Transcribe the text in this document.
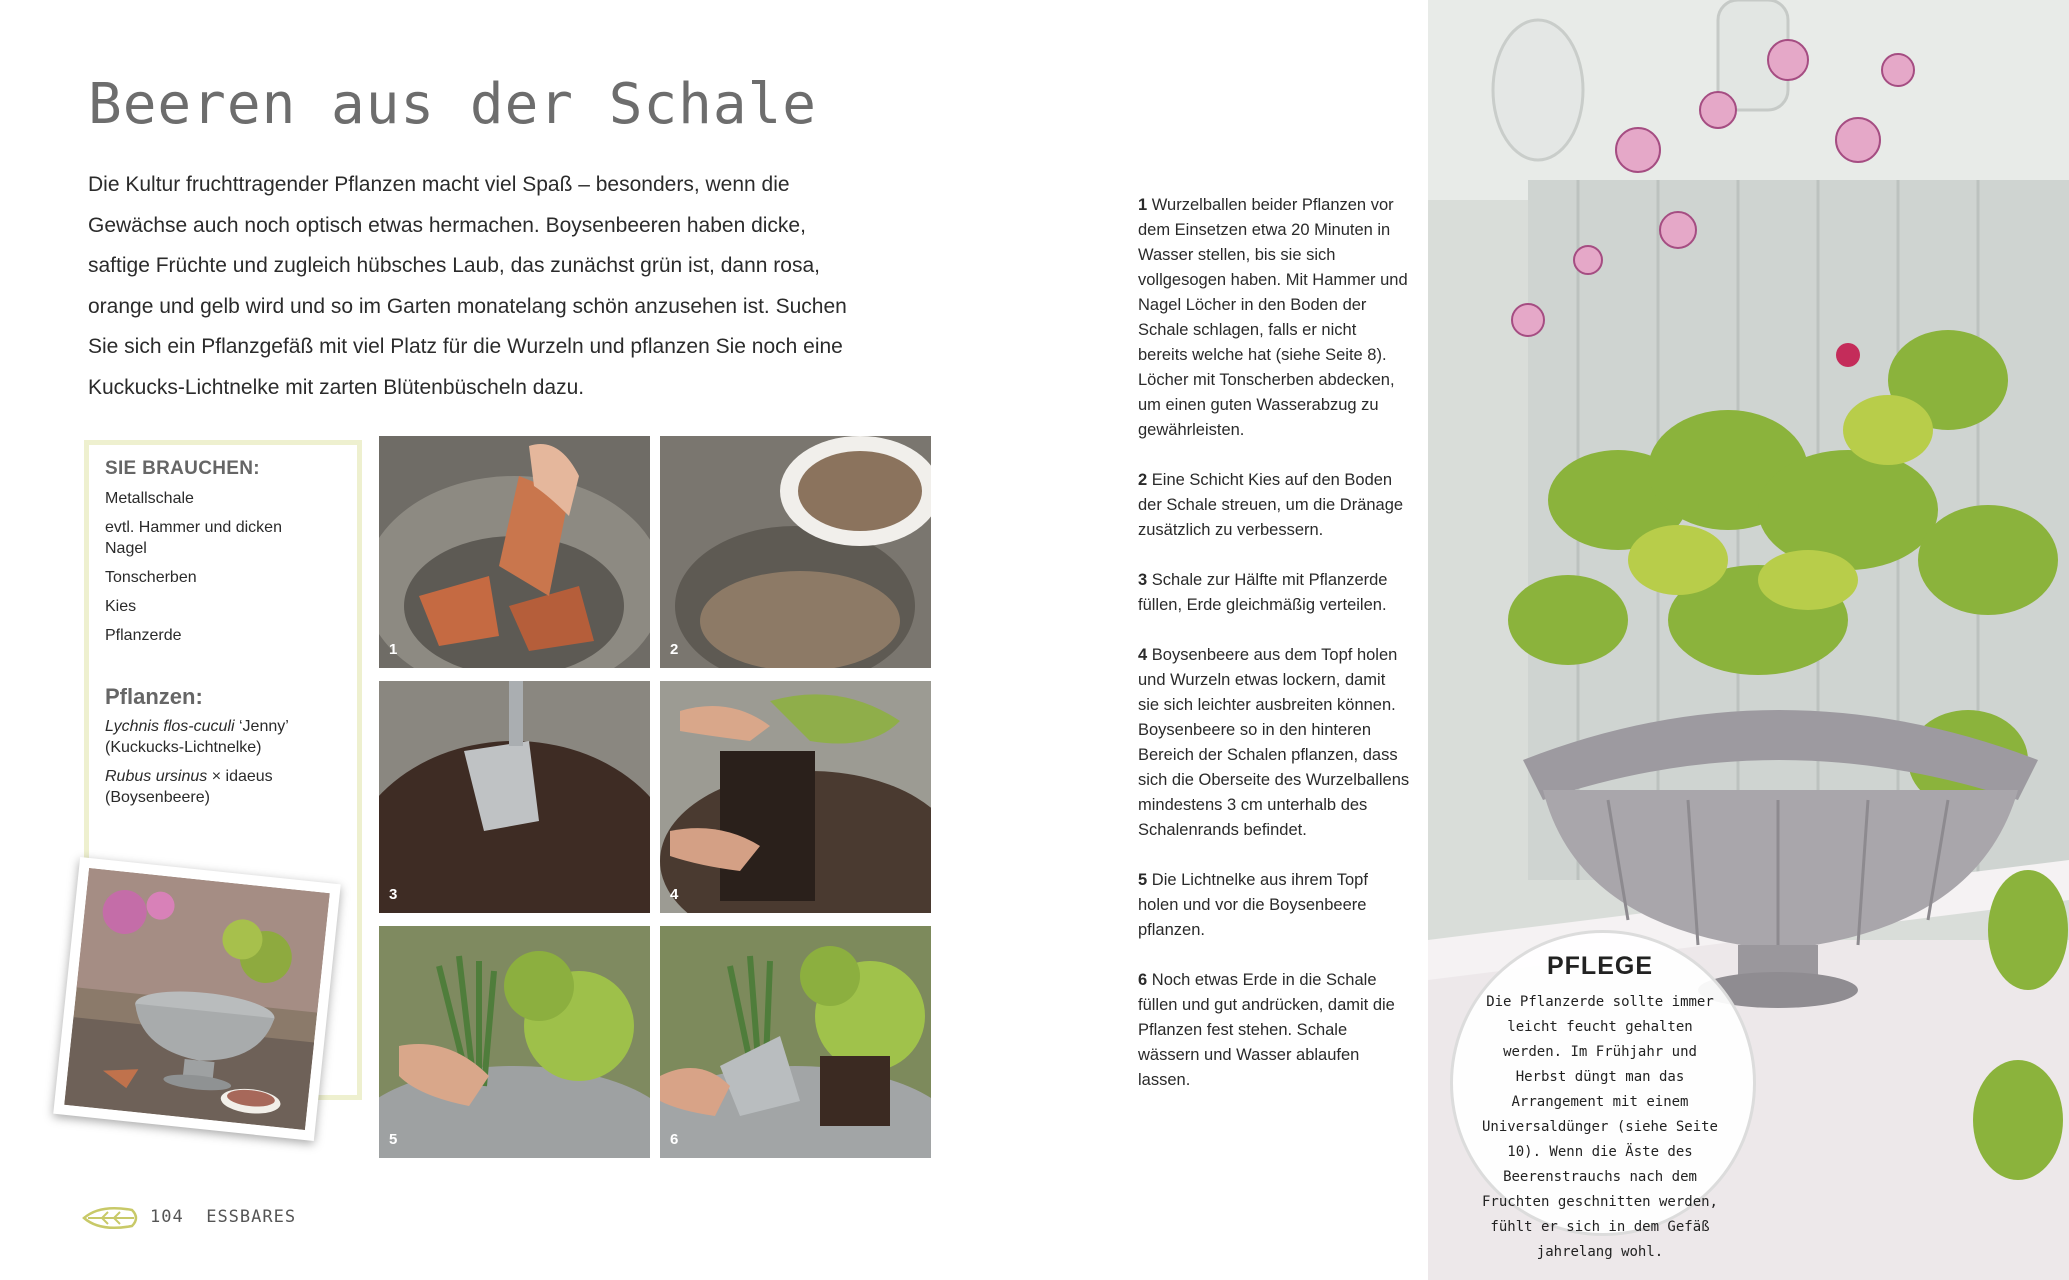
Beeren aus der Schale

Die Kultur fruchttragender Pflanzen macht viel Spaß – besonders, wenn die Gewächse auch noch optisch etwas hermachen. Boysenbeeren haben dicke, saftige Früchte und zugleich hübsches Laub, das zunächst grün ist, dann rosa, orange und gelb wird und so im Garten monatelang schön anzusehen ist. Suchen Sie sich ein Pflanzgefäß mit viel Platz für die Wurzeln und pflanzen Sie noch eine Kuckucks-Lichtnelke mit zarten Blütenbüscheln dazu.

SIE BRAUCHEN:
Metallschale
evtl. Hammer und dicken Nagel
Tonscherben
Kies
Pflanzerde
Pflanzen:
Lychnis flos-cuculi ‘Jenny’
(Kuckucks-Lichtnelke)
Rubus ursinus × idaeus
(Boysenbeere)
1	2
3	4
5	6
104 ESSBARES
1 Wurzelballen beider Pflanzen vor dem Einsetzen etwa 20 Minuten in Wasser stellen, bis sie sich vollgesogen haben. Mit Hammer und Nagel Löcher in den Boden der Schale schlagen, falls er nicht bereits welche hat (siehe Seite 8). Löcher mit Tonscherben abdecken, um einen guten Wasserabzug zu gewährleisten.
2 Eine Schicht Kies auf den Boden der Schale streuen, um die Dränage zusätzlich zu verbessern.
3 Schale zur Hälfte mit Pflanzerde füllen, Erde gleichmäßig verteilen.
4 Boysenbeere aus dem Topf holen und Wurzeln etwas lockern, damit sie sich leichter ausbreiten können. Boysenbeere so in den hinteren Bereich der Schalen pflanzen, dass sich die Oberseite des Wurzelballens mindestens 3 cm unterhalb des Schalenrands befindet.
5 Die Lichtnelke aus ihrem Topf holen und vor die Boysenbeere pflanzen.
6 Noch etwas Erde in die Schale füllen und gut andrücken, damit die Pflanzen fest stehen. Schale wässern und Wasser ablaufen lassen.
PFLEGE
Die Pflanzerde sollte immer leicht feucht gehalten werden. Im Frühjahr und Herbst düngt man das Arrangement mit einem Universaldünger (siehe Seite 10). Wenn die Äste des Beerenstrauchs nach dem Fruchten geschnitten werden, fühlt er sich in dem Gefäß jahrelang wohl.
